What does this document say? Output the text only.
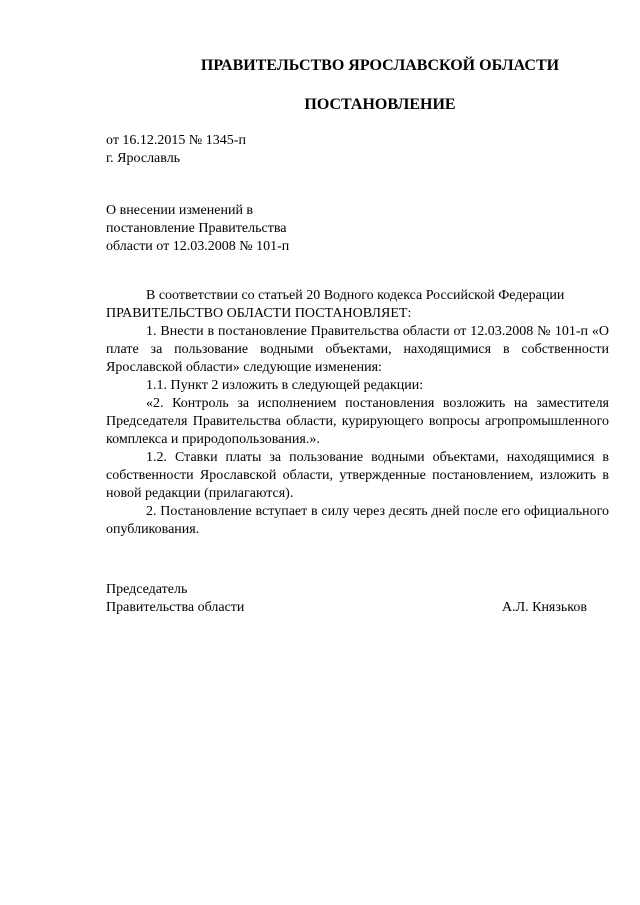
ПРАВИТЕЛЬСТВО ЯРОСЛАВСКОЙ ОБЛАСТИ
ПОСТАНОВЛЕНИЕ
от 16.12.2015 № 1345-п
г. Ярославль
О внесении изменений в
постановление Правительства
области от 12.03.2008 № 101-п

В соответствии со статьей 20 Водного кодекса Российской Федерации

ПРАВИТЕЛЬСТВО ОБЛАСТИ ПОСТАНОВЛЯЕТ:

1. Внести в постановление Правительства области от 12.03.2008 № 101-п «О плате за пользование водными объектами, находящимися в собственности Ярославской области» следующие изменения:

1.1. Пункт 2 изложить в следующей редакции:

«2. Контроль за исполнением постановления возложить на заместителя Председателя Правительства области, курирующего вопросы агропромышленного комплекса и природопользования.».

1.2. Ставки платы за пользование водными объектами, находящимися в собственности Ярославской области, утвержденные постановлением, изложить в новой редакции (прилагаются).

2. Постановление вступает в силу через десять дней после его официального опубликования.

Председатель
Правительства области	А.Л. Князьков
